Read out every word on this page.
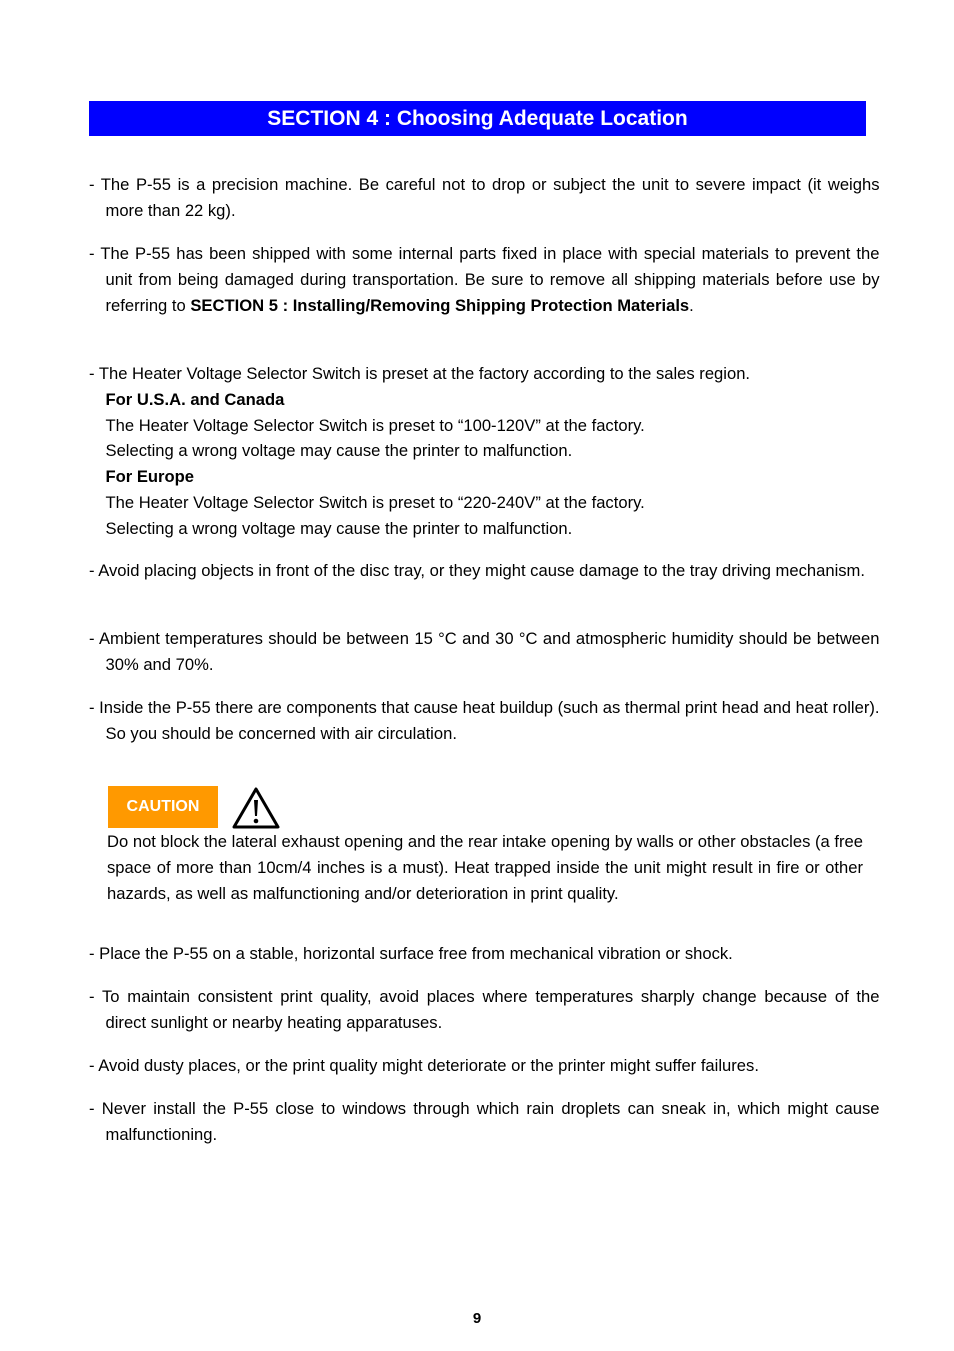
SECTION 4 : Choosing Adequate Location
- The P-55 is a precision machine. Be careful not to drop or subject the unit to severe impact (it weighs more than 22 kg).
- The P-55 has been shipped with some internal parts fixed in place with special materials to prevent the unit from being damaged during transportation. Be sure to remove all shipping materials before use by referring to SECTION 5 : Installing/Removing Shipping Protection Materials.
- The Heater Voltage Selector Switch is preset at the factory according to the sales region.
For U.S.A. and Canada
The Heater Voltage Selector Switch is preset to “100-120V” at the factory.
Selecting a wrong voltage may cause the printer to malfunction.
For Europe
The Heater Voltage Selector Switch is preset to “220-240V” at the factory.
Selecting a wrong voltage may cause the printer to malfunction.
- Avoid placing objects in front of the disc tray, or they might cause damage to the tray driving mechanism.
- Ambient temperatures should be between 15 °C and 30 °C and atmospheric humidity should be between 30% and 70%.
- Inside the P-55 there are components that cause heat buildup (such as thermal print head and heat roller). So you should be concerned with air circulation.
CAUTION
Do not block the lateral exhaust opening and the rear intake opening by walls or other obstacles (a free space of more than 10cm/4 inches is a must). Heat trapped inside the unit might result in fire or other hazards, as well as malfunctioning and/or deterioration in print quality.
- Place the P-55 on a stable, horizontal surface free from mechanical vibration or shock.
- To maintain consistent print quality, avoid places where temperatures sharply change because of the direct sunlight or nearby heating apparatuses.
- Avoid dusty places, or the print quality might deteriorate or the printer might suffer failures.
- Never install the P-55 close to windows through which rain droplets can sneak in, which might cause malfunctioning.
9
